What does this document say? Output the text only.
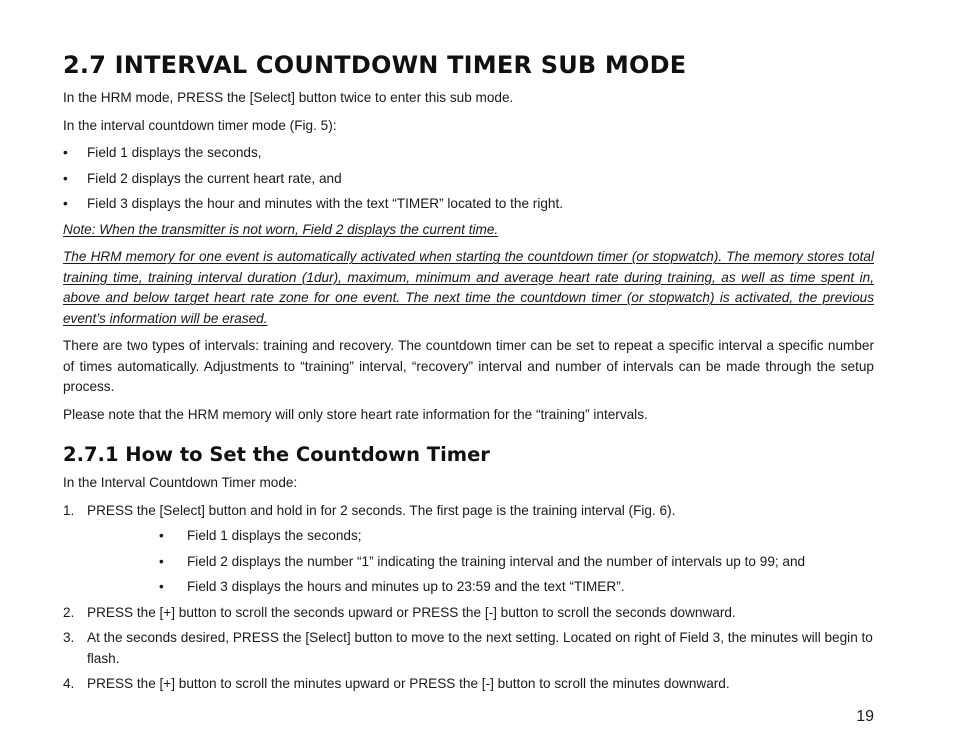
2.7 INTERVAL COUNTDOWN TIMER SUB MODE

In the HRM mode, PRESS the [Select] button twice to enter this sub mode.

In the interval countdown timer mode (Fig. 5):

• Field 1 displays the seconds,
• Field 2 displays the current heart rate, and
• Field 3 displays the hour and minutes with the text “TIMER” located to the right.

Note: When the transmitter is not worn, Field 2 displays the current time.

The HRM memory for one event is automatically activated when starting the countdown timer (or stopwatch). The memory stores total training time, training interval duration (1dur), maximum, minimum and average heart rate during training, as well as time spent in, above and below target heart rate zone for one event. The next time the countdown timer (or stopwatch) is activated, the previous event’s information will be erased.

There are two types of intervals: training and recovery. The countdown timer can be set to repeat a specific interval a specific number of times automatically. Adjustments to “training” interval, “recovery” interval and number of intervals can be made through the setup process.

Please note that the HRM memory will only store heart rate information for the “training” intervals.

2.7.1 How to Set the Countdown Timer

In the Interval Countdown Timer mode:

1. PRESS the [Select] button and hold in for 2 seconds. The first page is the training interval (Fig. 6).
• Field 1 displays the seconds;
• Field 2 displays the number “1” indicating the training interval and the number of intervals up to 99; and
• Field 3 displays the hours and minutes up to 23:59 and the text “TIMER”.
2. PRESS the [+] button to scroll the seconds upward or PRESS the [-] button to scroll the seconds downward.
3. At the seconds desired, PRESS the [Select] button to move to the next setting. Located on right of Field 3, the minutes will begin to flash.
4. PRESS the [+] button to scroll the minutes upward or PRESS the [-] button to scroll the minutes downward.
19
